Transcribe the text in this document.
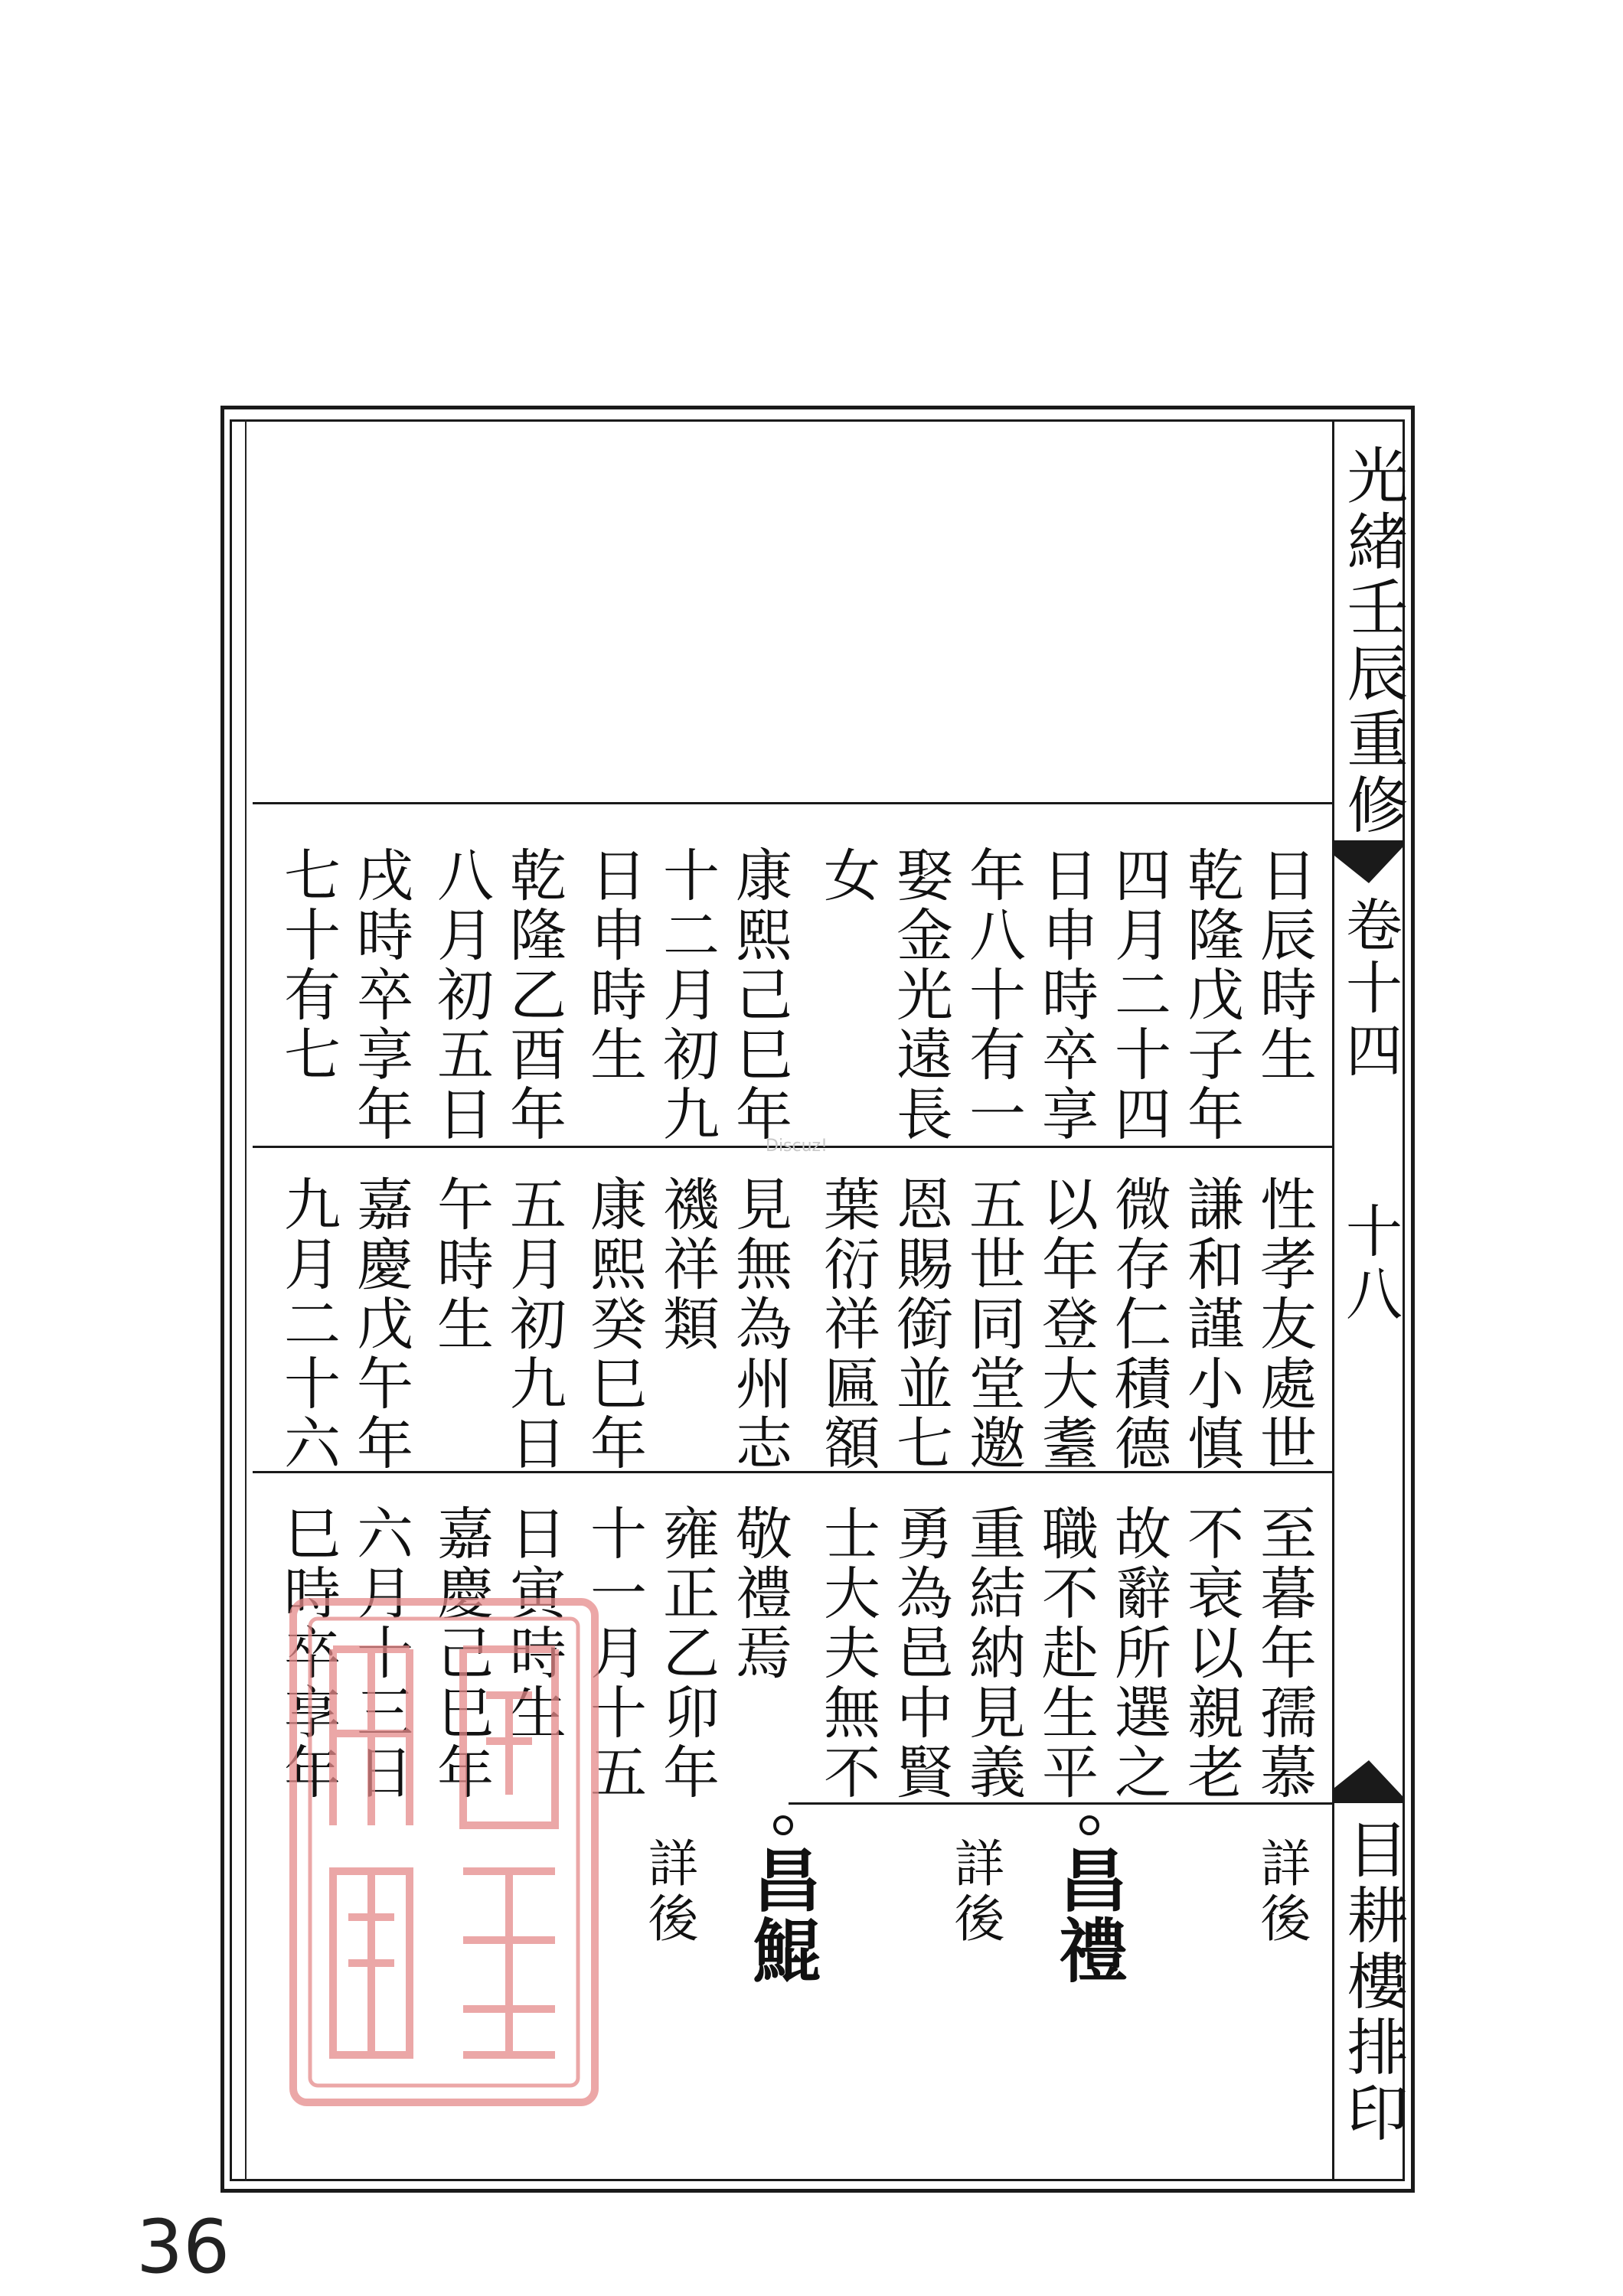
光緒壬辰重修
卷十四
十八
目耕樓排印
日辰時生
乾隆戊子年
四月二十四
日申時卒享
年八十有一
娶金光遠長
女
康熙己巳年
十二月初九
日申時生
乾隆乙酉年
八月初五日
戌時卒享年
七十有七
性孝友處世
謙和謹小慎
微存仁積德
以年登大耋
五世同堂邀
恩賜銜並七
葉衍祥匾額
見無為州志
禨祥類
康熙癸巳年
五月初九日
午時生
嘉慶戊午年
九月二十六
至暮年孺慕
不衰以親老
故辭所選之
職不赴生平
重結納見義
勇為邑中賢
士大夫無不
敬禮焉
雍正乙卯年
十一月十五
日寅時生
嘉慶己巳年
六月十三日
巳時卒享年
詳後
昌禮
詳後
昌鯤
詳後
Discuz!
36
